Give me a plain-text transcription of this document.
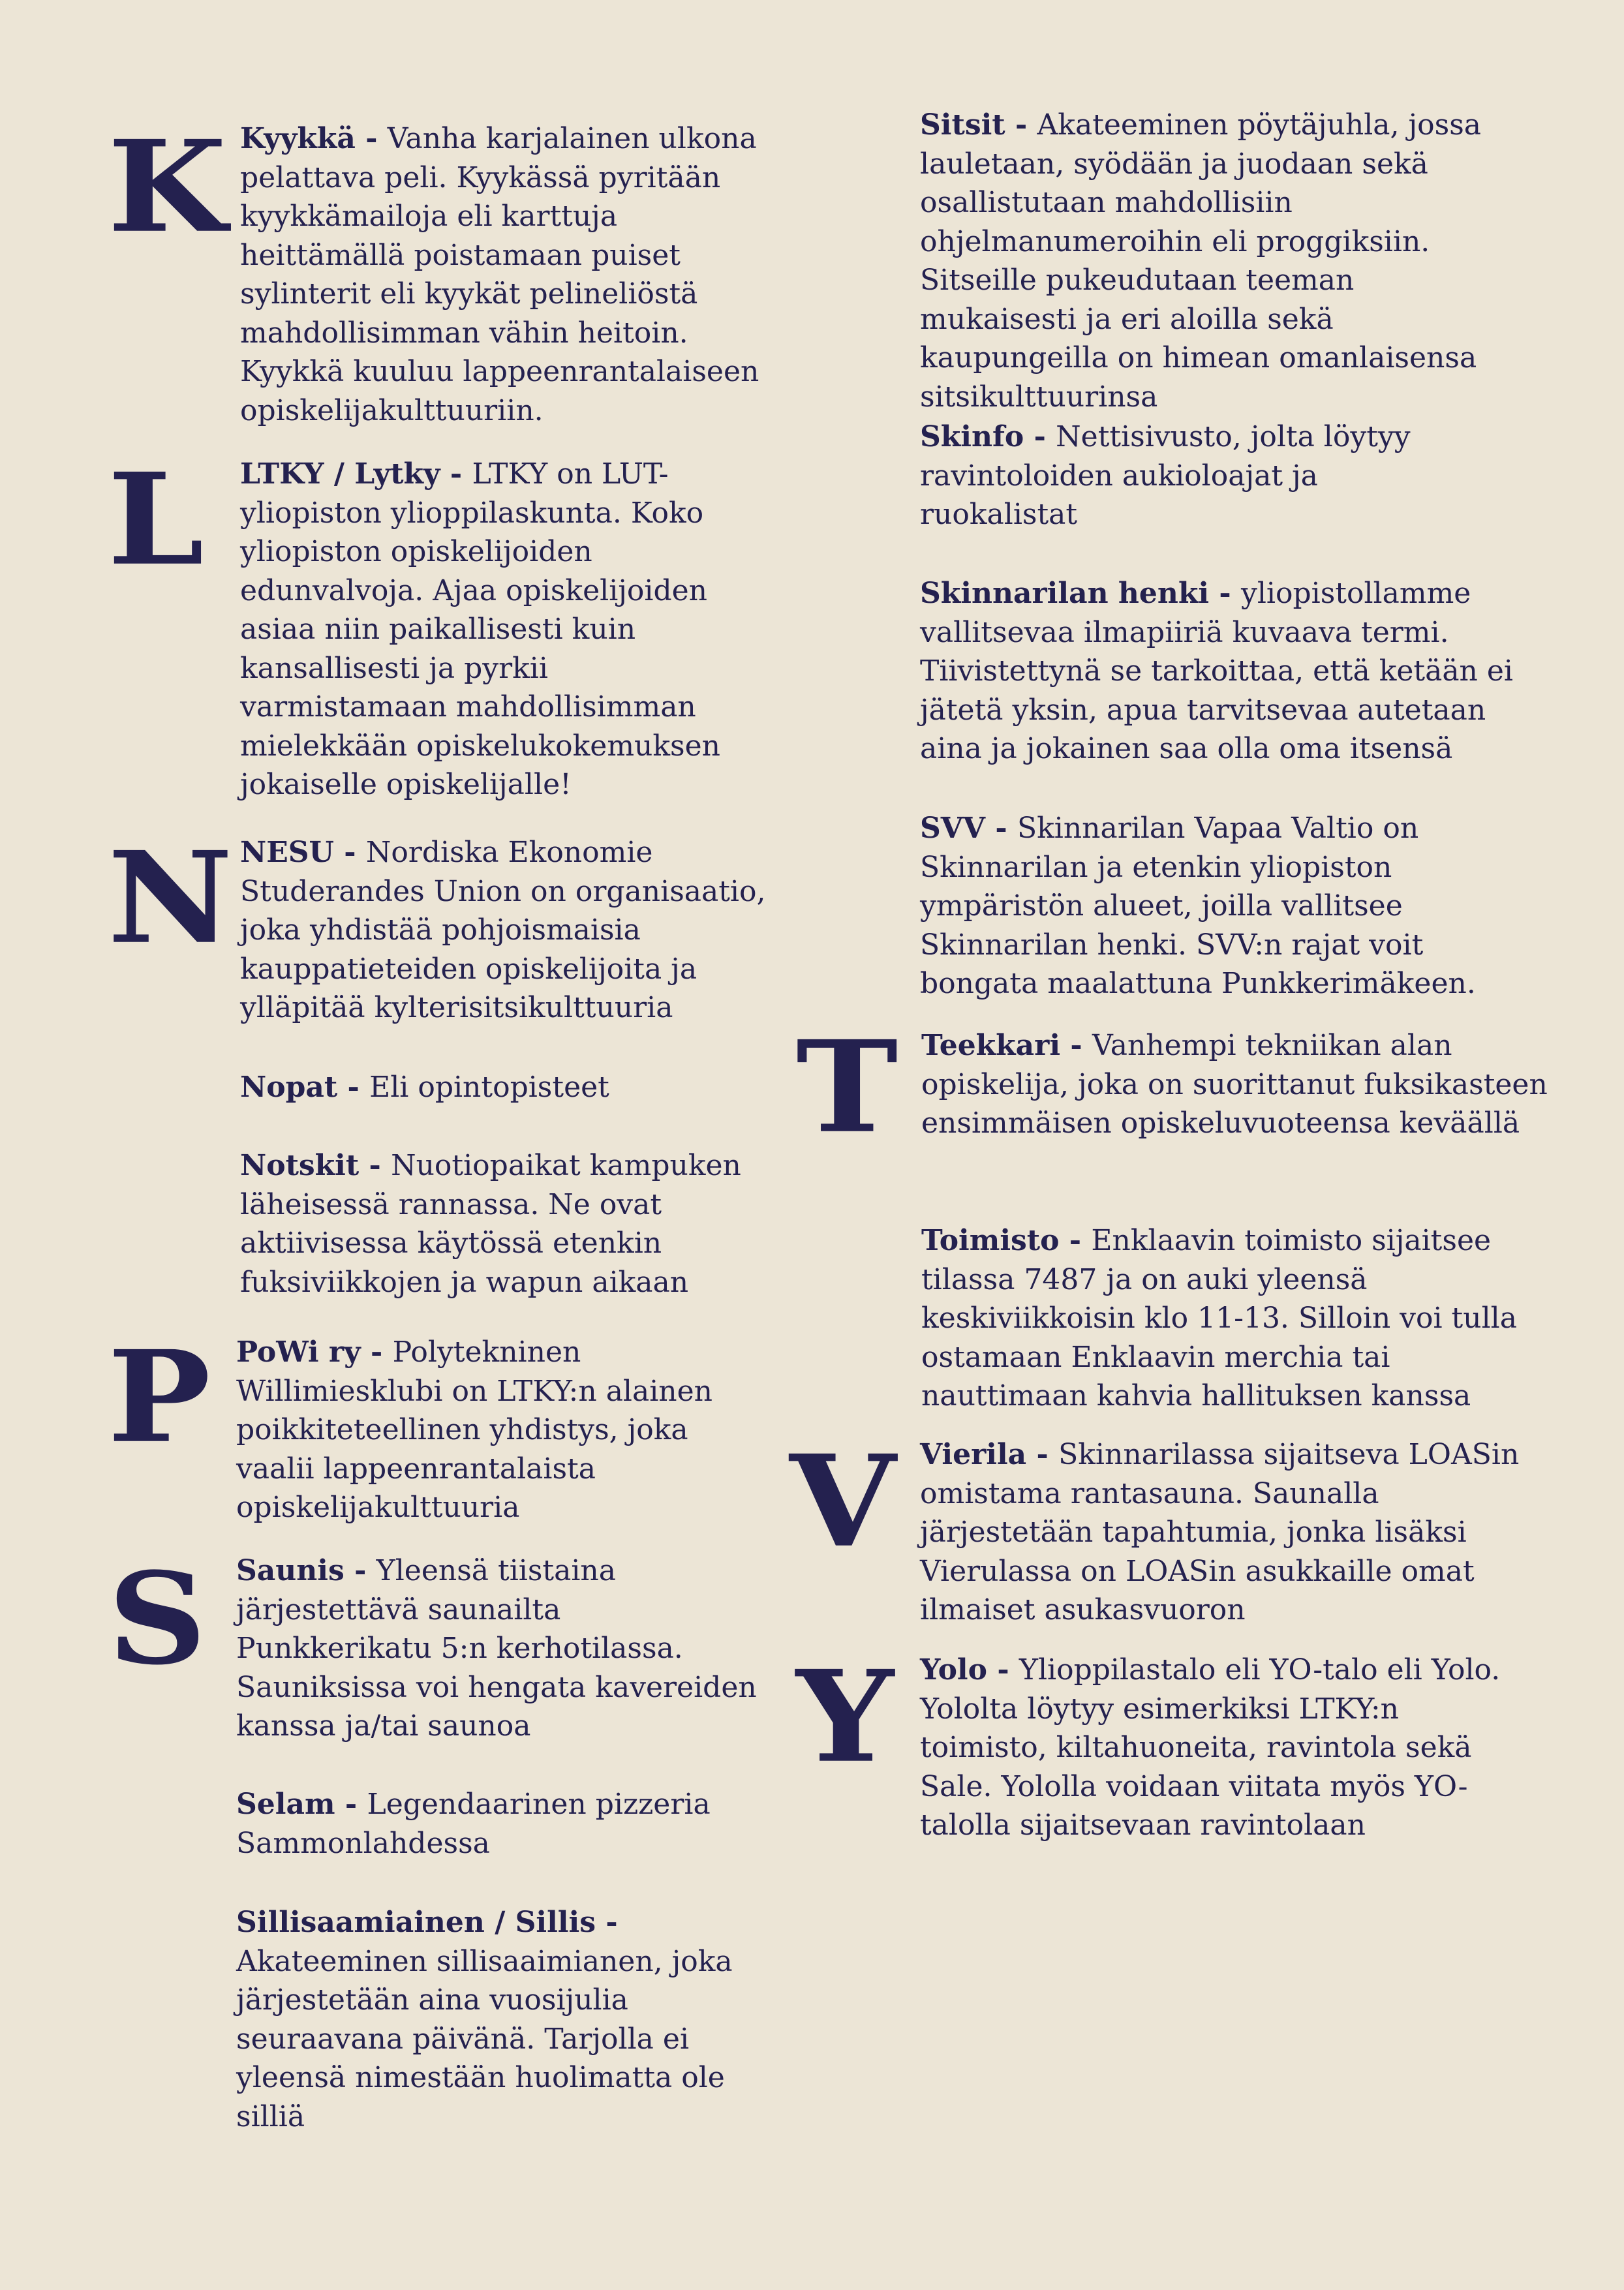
K
L
N
P
S
T
V
Y

Kyykkä - Vanha karjalainen ulkona pelattava peli. Kyykässä pyritään kyykkämailoja eli karttuja heittämällä poistamaan puiset sylinterit eli kyykät pelineliöstä mahdollisimman vähin heitoin. Kyykkä kuuluu lappeenrantalaiseen opiskelijakulttuuriin.

LTKY / Lytky - LTKY on LUT-yliopiston ylioppilaskunta. Koko yliopiston opiskelijoiden edunvalvoja. Ajaa opiskelijoiden asiaa niin paikallisesti kuin kansallisesti ja pyrkii varmistamaan mahdollisimman mielekkään opiskelukokemuksen jokaiselle opiskelijalle!

NESU - Nordiska Ekonomie Studerandes Union on organisaatio, joka yhdistää pohjoismaisia kauppatieteiden opiskelijoita ja ylläpitää kylterisitsikulttuuria

Nopat - Eli opintopisteet

Notskit - Nuotiopaikat kampuken läheisessä rannassa. Ne ovat aktiivisessa käytössä etenkin fuksiviikkojen ja wapun aikaan

PoWi ry - Polytekninen Willimiesklubi on LTKY:n alainen poikkiteteellinen yhdistys, joka vaalii lappeenrantalaista opiskelijakulttuuria

Saunis - Yleensä tiistaina järjestettävä saunailta Punkkerikatu 5:n kerhotilassa. Sauniksissa voi hengata kavereiden kanssa ja/tai saunoa

Selam - Legendaarinen pizzeria Sammonlahdessa

Sillisaamiainen / Sillis - Akateeminen sillisaaimianen, joka järjestetään aina vuosijulia seuraavana päivänä. Tarjolla ei yleensä nimestään huolimatta ole silliä

Sitsit - Akateeminen pöytäjuhla, jossa lauletaan, syödään ja juodaan sekä osallistutaan mahdollisiin ohjelmanumeroihin eli proggiksiin. Sitseille pukeudutaan teeman mukaisesti ja eri aloilla sekä kaupungeilla on himean omanlaisensa sitsikulttuurinsa

Skinfo - Nettisivusto, jolta löytyy ravintoloiden aukioloajat ja ruokalistat

Skinnarilan henki - yliopistollamme vallitsevaa ilmapiiriä kuvaava termi. Tiivistettynä se tarkoittaa, että ketään ei jätetä yksin, apua tarvitsevaa autetaan aina ja jokainen saa olla oma itsensä

SVV - Skinnarilan Vapaa Valtio on Skinnarilan ja etenkin yliopiston ympäristön alueet, joilla vallitsee Skinnarilan henki. SVV:n rajat voit bongata maalattuna Punkkerimäkeen.

Teekkari - Vanhempi tekniikan alan opiskelija, joka on suorittanut fuksikasteen ensimmäisen opiskeluvuoteensa keväällä

Toimisto - Enklaavin toimisto sijaitsee tilassa 7487 ja on auki yleensä keskiviikkoisin klo 11-13. Silloin voi tulla ostamaan Enklaavin merchia tai nauttimaan kahvia hallituksen kanssa

Vierila - Skinnarilassa sijaitseva LOASin omistama rantasauna. Saunalla järjestetään tapahtumia, jonka lisäksi Vierulassa on LOASin asukkaille omat ilmaiset asukasvuoron

Yolo - Ylioppilastalo eli YO-talo eli Yolo. Yololta löytyy esimerkiksi LTKY:n toimisto, kiltahuoneita, ravintola sekä Sale. Yololla voidaan viitata myös YO-talolla sijaitsevaan ravintolaan
